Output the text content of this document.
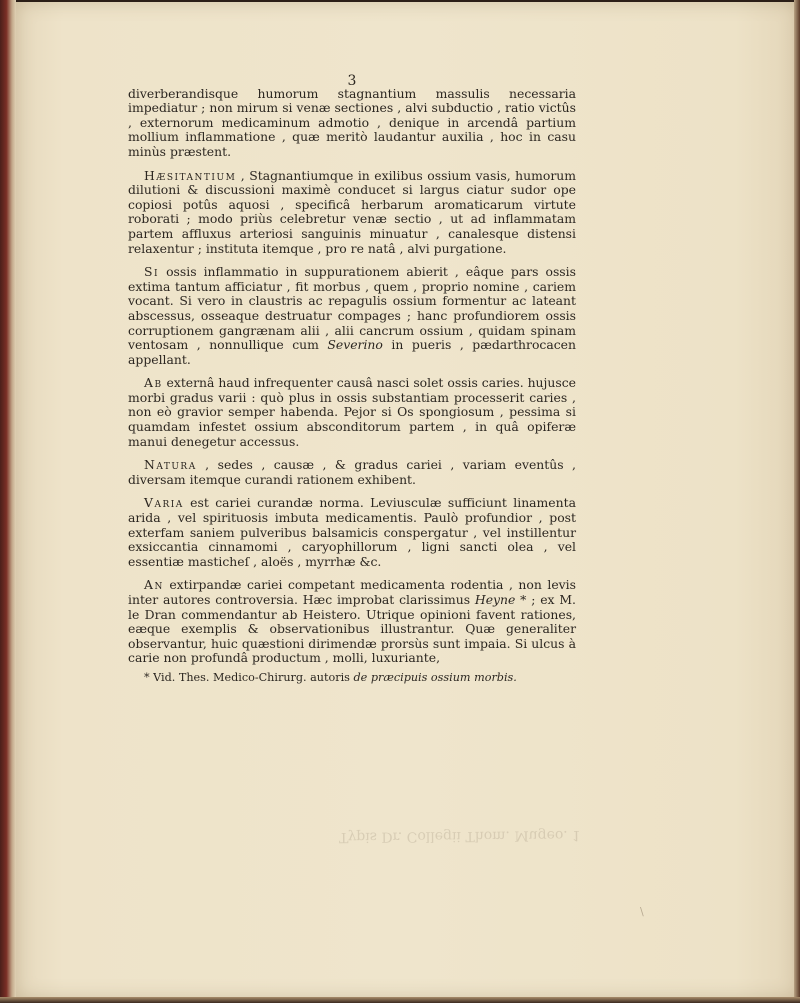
Typis Dr. Collegii Thom. Mugeo. 1
\
3

diverberandisque humorum stagnantium massulis necessaria impediatur ; non mirum si venæ sectiones , alvi subductio , ratio victûs , externorum medicaminum admotio , denique in arcendâ partium mollium inflammatione , quæ meritò laudantur auxilia , hoc in casu minùs præstent.

Hæsitantium , Stagnantiumque in exilibus ossium vasis, humorum dilutioni & discussioni maximè conducet si largus ciatur sudor ope copiosi potûs aquosi , specificâ herbarum aromaticarum virtute roborati ; modo priùs celebretur venæ sectio , ut ad inflammatam partem affluxus arteriosi sanguinis minuatur , canalesque distensi relaxentur ; instituta itemque , pro re natâ , alvi purgatione.

Si ossis inflammatio in suppurationem abierit , eâque pars ossis extima tantum afficiatur , fit morbus , quem , proprio nomine , cariem vocant. Si vero in claustris ac repagulis ossium formentur ac lateant abscessus, osseaque destruatur compages ; hanc profundiorem ossis corruptionem gangrænam alii , alii cancrum ossium , quidam spinam ventosam , nonnullique cum Severino in pueris , pædarthrocacen appellant.

Ab externâ haud infrequenter causâ nasci solet ossis caries. hujusce morbi gradus varii : quò plus in ossis substantiam processerit caries , non eò gravior semper habenda. Pejor si Os spongiosum , pessima si quamdam infestet ossium absconditorum partem , in quâ opiferæ manui denegetur accessus.

Natura , sedes , causæ , & gradus cariei , variam eventûs , diversam itemque curandi rationem exhibent.

Varia est cariei curandæ norma. Leviusculæ sufficiunt linamenta arida , vel spirituosis imbuta medicamentis. Paulò profundior , post exterfam saniem pulveribus balsamicis conspergatur , vel instillentur exsiccantia cinnamomi , caryophillorum , ligni sancti olea , vel essentiæ masticheſ , aloës , myrrhæ &c.

An extirpandæ cariei competant medicamenta rodentia , non levis inter autores controversia. Hæc improbat clarissimus Heyne * ; ex M. le Dran commendantur ab Heistero. Utrique opinioni favent rationes, eæque exemplis & observationibus illustrantur. Quæ generaliter observantur, huic quæstioni dirimendæ prorsùs sunt impaia. Si ulcus à carie non profundâ productum , molli, luxuriante,

* Vid. Thes. Medico-Chirurg. autoris de præcipuis ossium morbis.
